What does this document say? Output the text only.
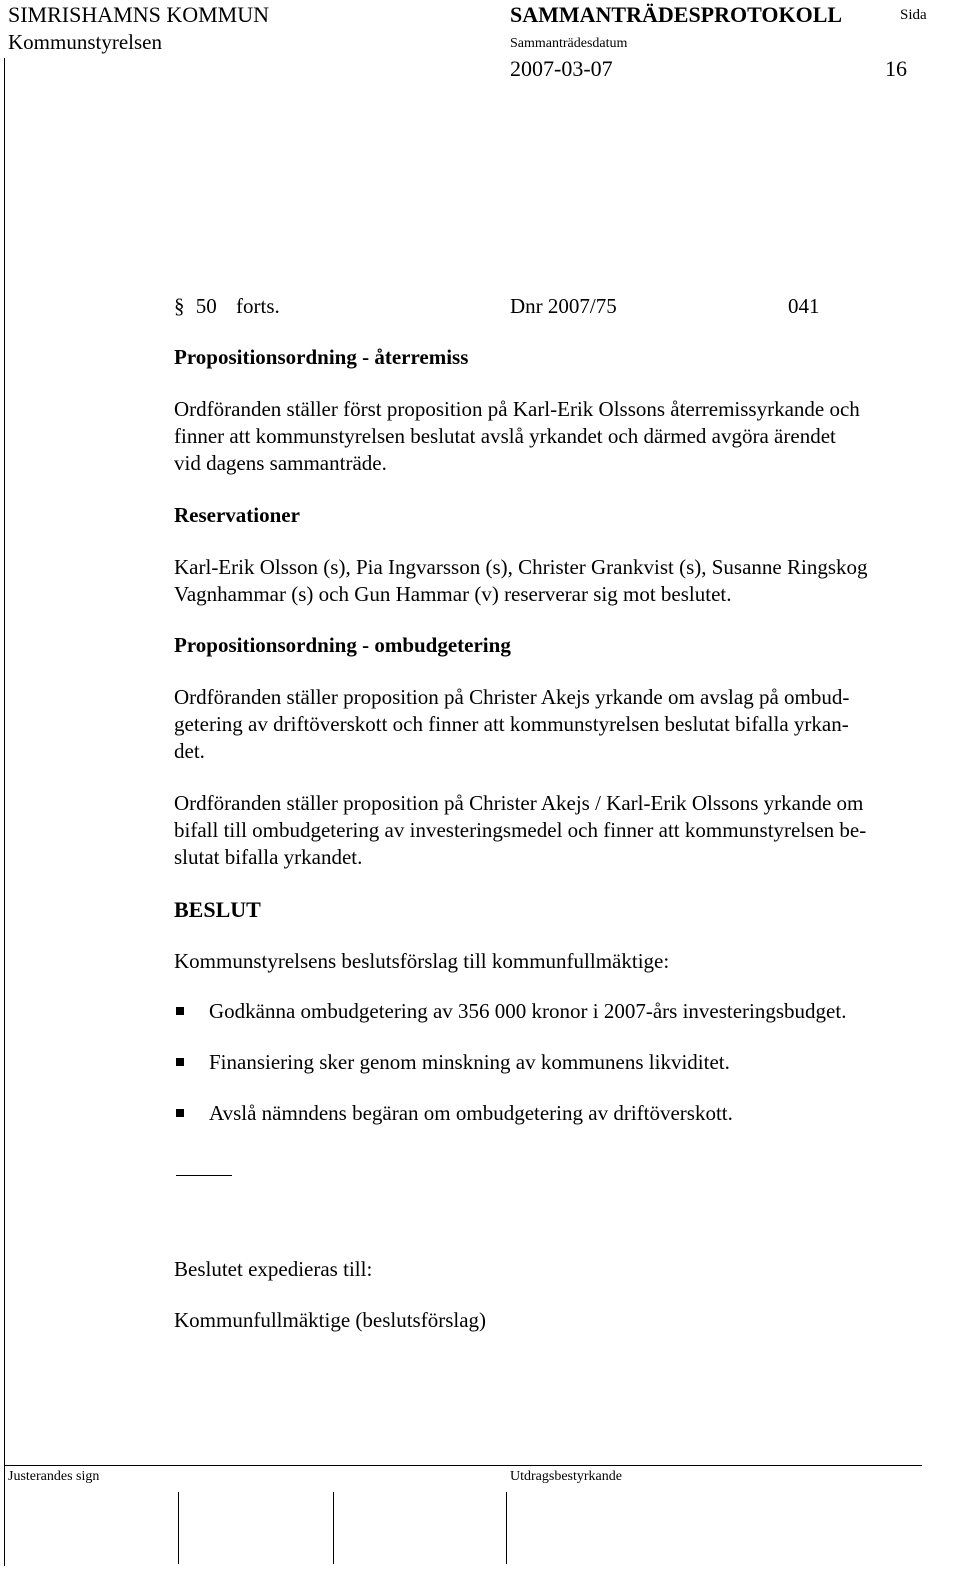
SIMRISHAMNS KOMMUN
Kommunstyrelsen
SAMMANTRÄDESPROTOKOLL	Sida
Sammanträdesdatum
2007-03-07	16
§ 50 forts.	Dnr 2007/75	041
Propositionsordning - återremiss
Ordföranden ställer först proposition på Karl-Erik Olssons återremissyrkande och
finner att kommunstyrelsen beslutat avslå yrkandet och därmed avgöra ärendet
vid dagens sammanträde.
Reservationer
Karl-Erik Olsson (s), Pia Ingvarsson (s), Christer Grankvist (s), Susanne Ringskog
Vagnhammar (s) och Gun Hammar (v) reserverar sig mot beslutet.
Propositionsordning - ombudgetering
Ordföranden ställer proposition på Christer Akejs yrkande om avslag på ombud-
getering av driftöverskott och finner att kommunstyrelsen beslutat bifalla yrkan-
det.
Ordföranden ställer proposition på Christer Akejs / Karl-Erik Olssons yrkande om
bifall till ombudgetering av investeringsmedel och finner att kommunstyrelsen be-
slutat bifalla yrkandet.
BESLUT
Kommunstyrelsens beslutsförslag till kommunfullmäktige:
Godkänna ombudgetering av 356 000 kronor i 2007-års investeringsbudget.
Finansiering sker genom minskning av kommunens likviditet.
Avslå nämndens begäran om ombudgetering av driftöverskott.
Beslutet expedieras till:
Kommunfullmäktige (beslutsförslag)
Justerandes sign	Utdragsbestyrkande
